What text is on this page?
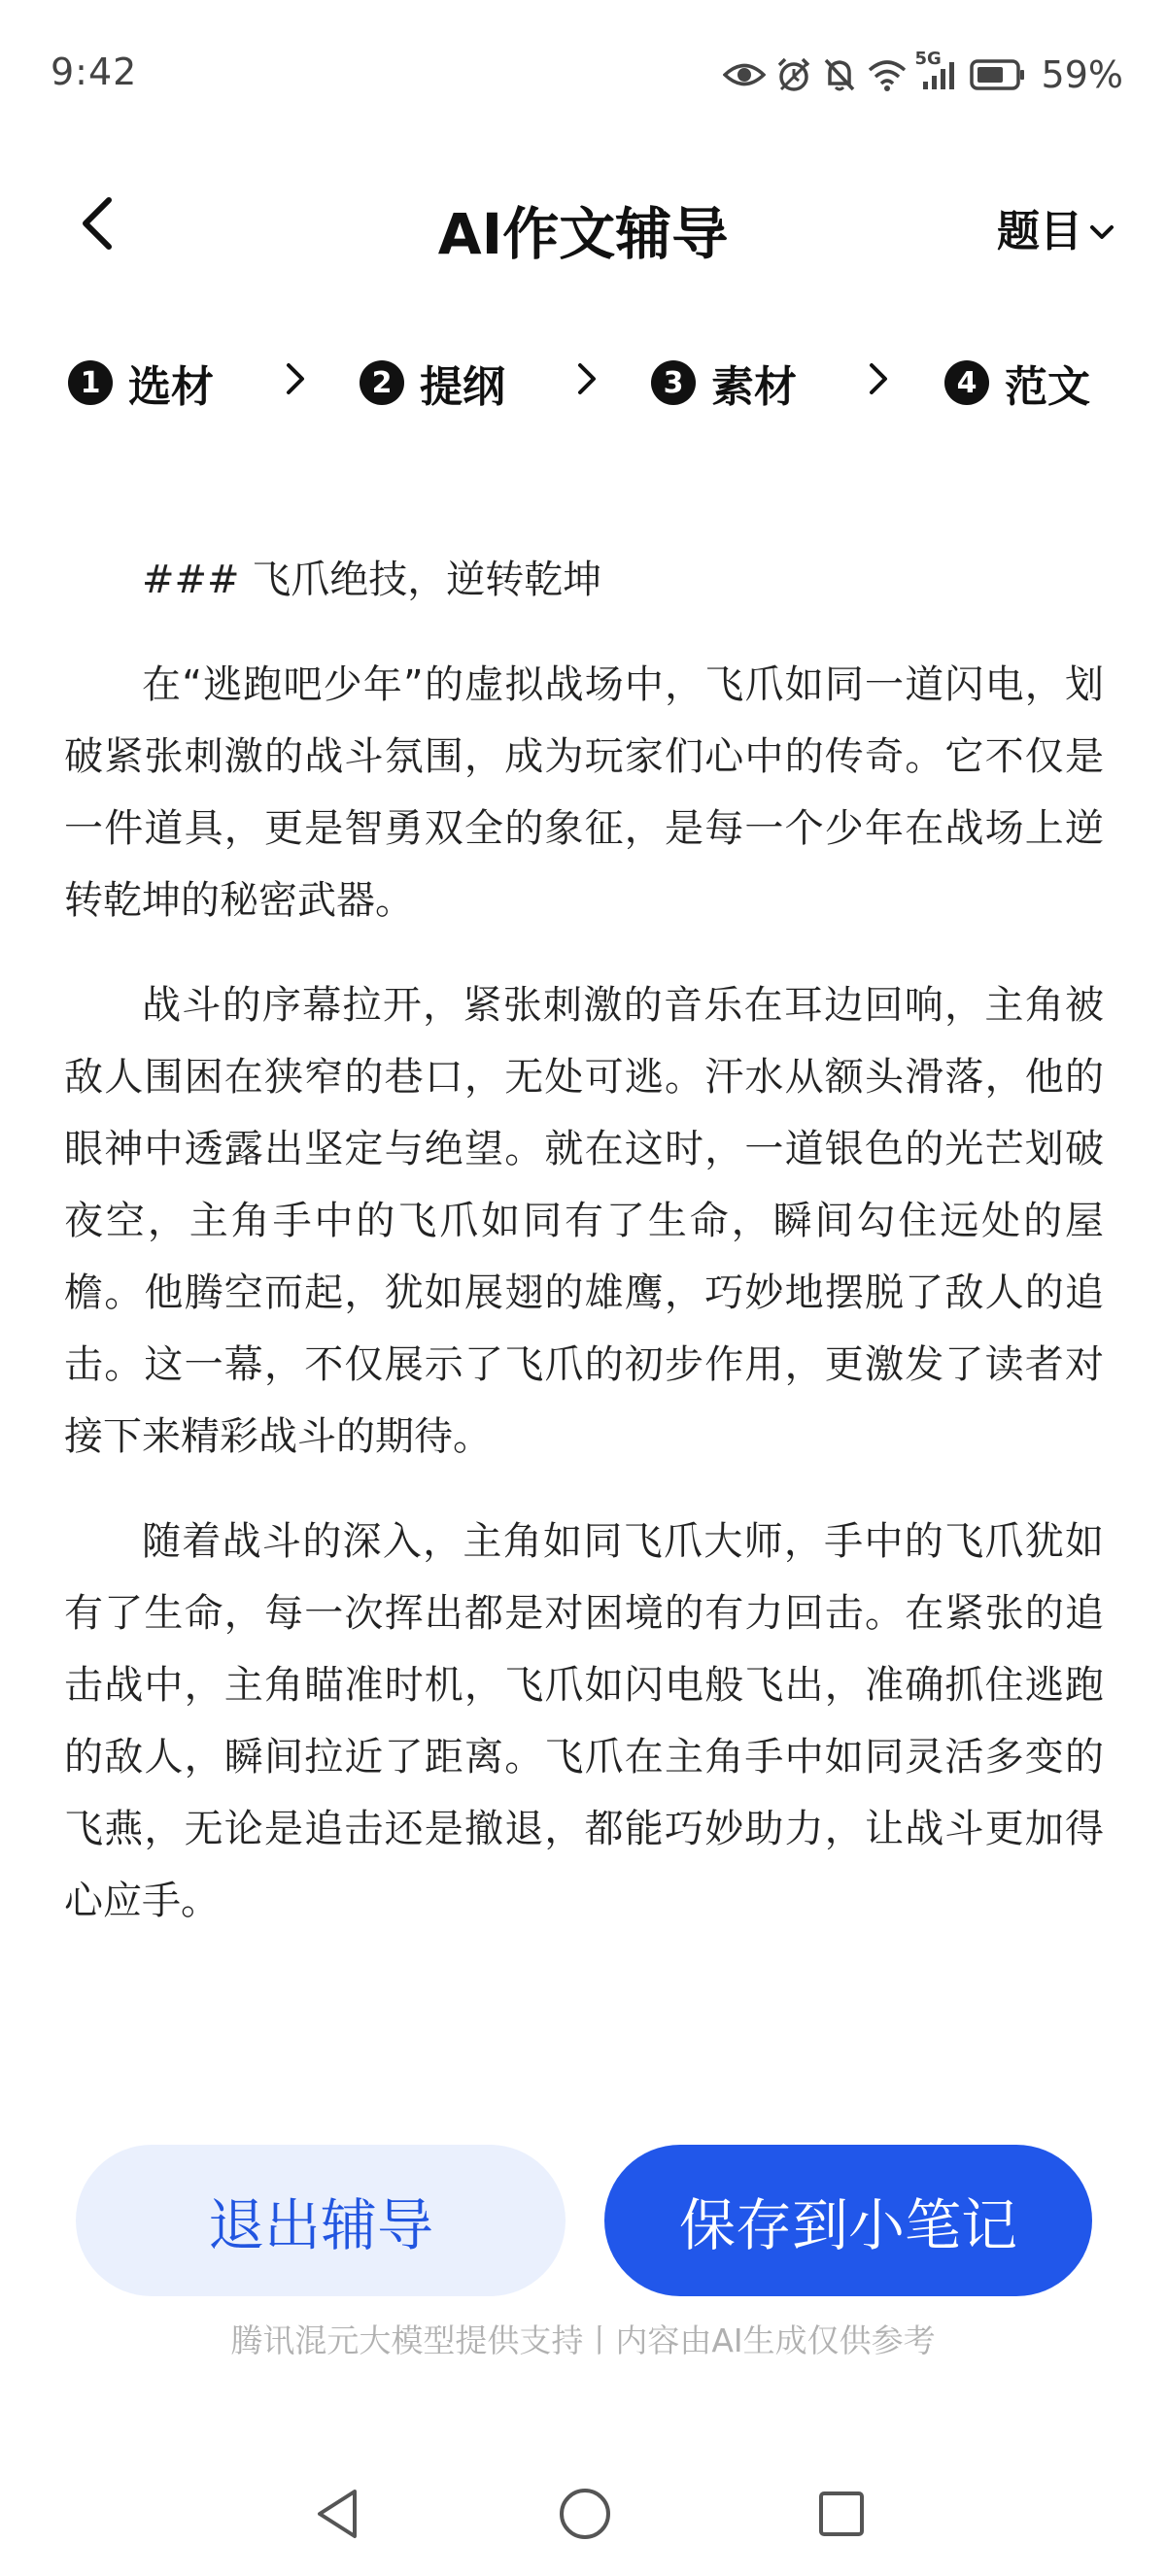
9:42	5G	59%
AI作文辅导	题目
1 选材	2 提纲	3 素材	4 范文

### 飞爪绝技，逆转乾坤

在“逃跑吧少年”的虚拟战场中，飞爪如同一道闪电，划破紧张刺激的战斗氛围，成为玩家们心中的传奇。它不仅是一件道具，更是智勇双全的象征，是每一个少年在战场上逆转乾坤的秘密武器。

战斗的序幕拉开，紧张刺激的音乐在耳边回响，主角被敌人围困在狭窄的巷口，无处可逃。汗水从额头滑落，他的眼神中透露出坚定与绝望。就在这时，一道银色的光芒划破夜空，主角手中的飞爪如同有了生命，瞬间勾住远处的屋檐。他腾空而起，犹如展翅的雄鹰，巧妙地摆脱了敌人的追击。这一幕，不仅展示了飞爪的初步作用，更激发了读者对接下来精彩战斗的期待。

随着战斗的深入，主角如同飞爪大师，手中的飞爪犹如有了生命，每一次挥出都是对困境的有力回击。在紧张的追击战中，主角瞄准时机，飞爪如闪电般飞出，准确抓住逃跑的敌人，瞬间拉近了距离。飞爪在主角手中如同灵活多变的飞燕，无论是追击还是撤退，都能巧妙助力，让战斗更加得心应手。

退出辅导	保存到小笔记
腾讯混元大模型提供支持丨内容由AI生成仅供参考
